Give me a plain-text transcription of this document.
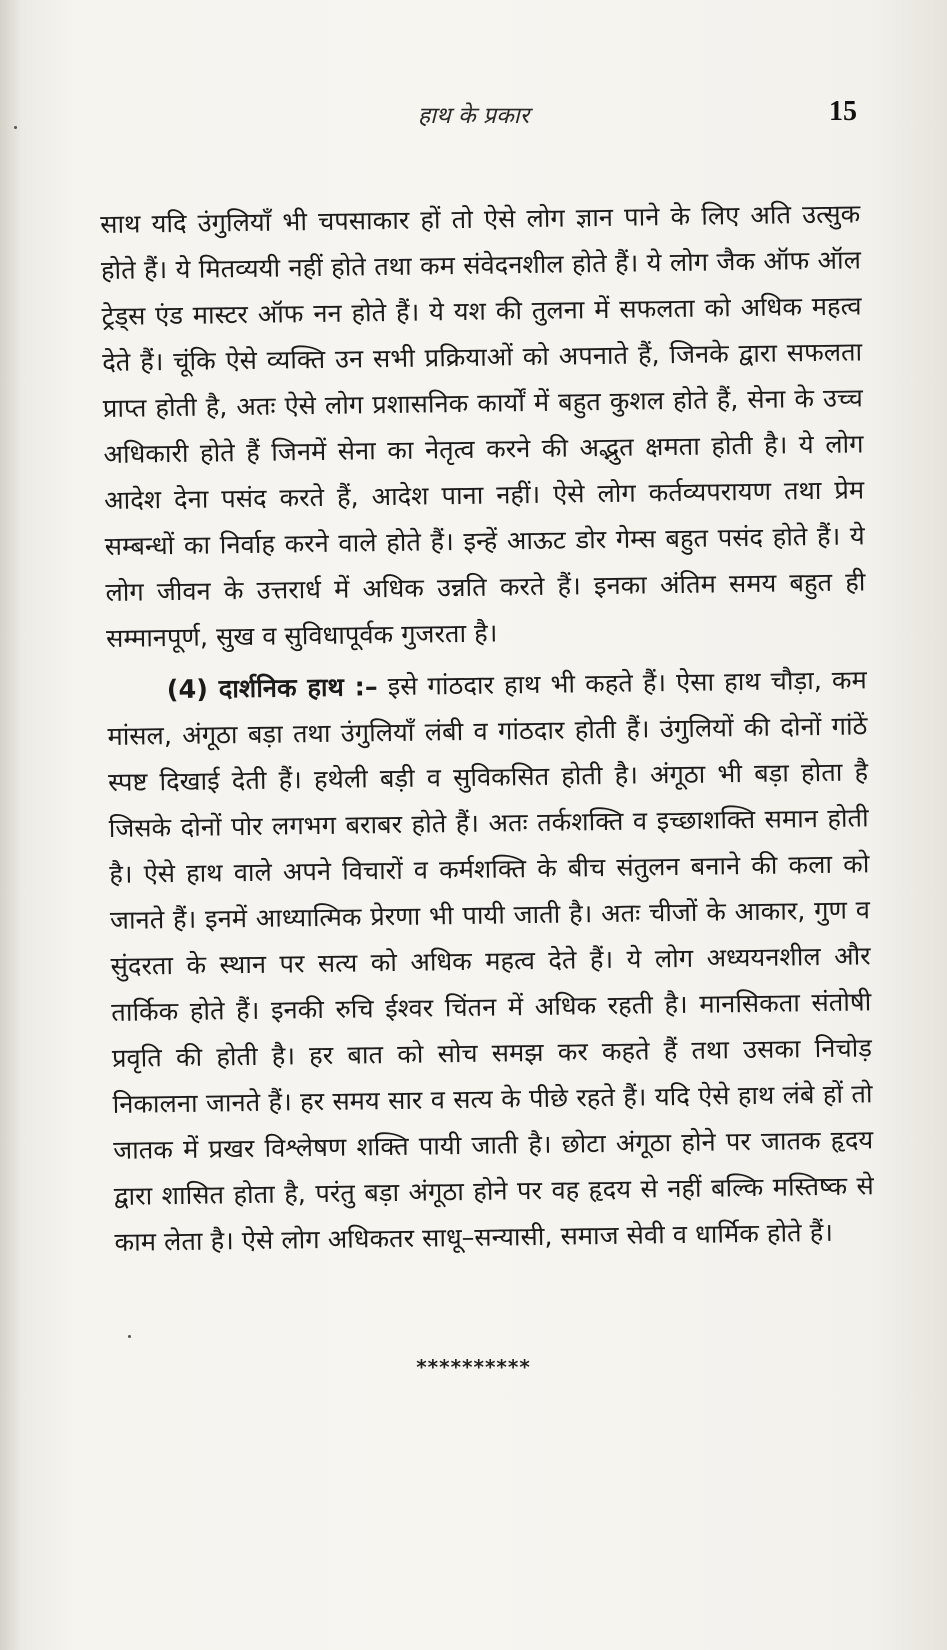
हाथ के प्रकार	15

साथ यदि उंगुलियाँ भी चपसाकार हों तो ऐसे लोग ज्ञान पाने के लिए अति उत्सुक होते हैं। ये मितव्ययी नहीं होते तथा कम संवेदनशील होते हैं। ये लोग जैक ऑफ ऑल ट्रेड्स एंड मास्टर ऑफ नन होते हैं। ये यश की तुलना में सफलता को अधिक महत्व देते हैं। चूंकि ऐसे व्यक्ति उन सभी प्रक्रियाओं को अपनाते हैं, जिनके द्वारा सफलता प्राप्त होती है, अतः ऐसे लोग प्रशासनिक कार्यों में बहुत कुशल होते हैं, सेना के उच्च अधिकारी होते हैं जिनमें सेना का नेतृत्व करने की अद्भुत क्षमता होती है। ये लोग आदेश देना पसंद करते हैं, आदेश पाना नहीं। ऐसे लोग कर्तव्यपरायण तथा प्रेम सम्बन्धों का निर्वाह करने वाले होते हैं। इन्हें आऊट डोर गेम्स बहुत पसंद होते हैं। ये लोग जीवन के उत्तरार्ध में अधिक उन्नति करते हैं। इनका अंतिम समय बहुत ही सम्मानपूर्ण, सुख व सुविधापूर्वक गुजरता है।

(4) दार्शनिक हाथ :– इसे गांठदार हाथ भी कहते हैं। ऐसा हाथ चौड़ा, कम मांसल, अंगूठा बड़ा तथा उंगुलियाँ लंबी व गांठदार होती हैं। उंगुलियों की दोनों गांठें स्पष्ट दिखाई देती हैं। हथेली बड़ी व सुविकसित होती है। अंगूठा भी बड़ा होता है जिसके दोनों पोर लगभग बराबर होते हैं। अतः तर्कशक्ति व इच्छाशक्ति समान होती है। ऐसे हाथ वाले अपने विचारों व कर्मशक्ति के बीच संतुलन बनाने की कला को जानते हैं। इनमें आध्यात्मिक प्रेरणा भी पायी जाती है। अतः चीजों के आकार, गुण व सुंदरता के स्थान पर सत्य को अधिक महत्व देते हैं। ये लोग अध्ययनशील और तार्किक होते हैं। इनकी रुचि ईश्वर चिंतन में अधिक रहती है। मानसिकता संतोषी प्रवृति की होती है। हर बात को सोच समझ कर कहते हैं तथा उसका निचोड़ निकालना जानते हैं। हर समय सार व सत्य के पीछे रहते हैं। यदि ऐसे हाथ लंबे हों तो जातक में प्रखर विश्लेषण शक्ति पायी जाती है। छोटा अंगूठा होने पर जातक हृदय द्वारा शासित होता है, परंतु बड़ा अंगूठा होने पर वह हृदय से नहीं बल्कि मस्तिष्क से काम लेता है। ऐसे लोग अधिकतर साधू–सन्यासी, समाज सेवी व धार्मिक होते हैं।

**********
